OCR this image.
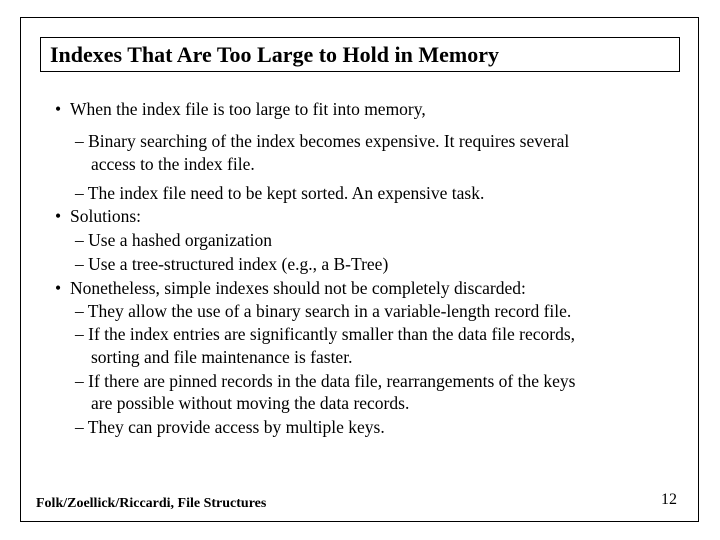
Indexes That Are Too Large to Hold in Memory
• When the index file is too large to fit into memory,
– Binary searching of the index becomes expensive. It requires several
access to the index file.
– The index file need to be kept sorted. An expensive task.
• Solutions:
– Use a hashed organization
– Use a tree-structured index (e.g., a B-Tree)
• Nonetheless, simple indexes should not be completely discarded:
– They allow the use of a binary search in a variable-length record file.
– If the index entries are significantly smaller than the data file records,
sorting and file maintenance is faster.
– If there are pinned records in the data file, rearrangements of the keys
are possible without moving the data records.
– They can provide access by multiple keys.
Folk/Zoellick/Riccardi, File Structures	12
